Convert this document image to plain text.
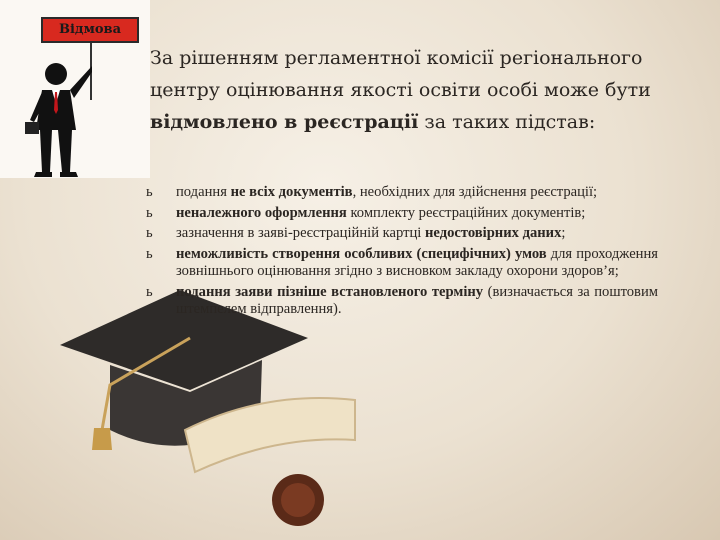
Відмова
За рішенням регламентної комісії регіонального
центру оцінювання якості освіти особі може бути
відмовлено в реєстрації за таких підстав:
ь подання не всіх документів, необхідних для здійснення реєстрації;
ь неналежного оформлення комплекту реєстраційних документів;
ь зазначення в заяві-реєстраційній картці недостовірних даних;
ь неможливість створення особливих (специфічних) умов для проходження зовнішнього оцінювання згідно з висновком закладу охорони здоров’я;
ь подання заяви пізніше встановленого терміну (визначається за поштовим штемпелем відправлення).
